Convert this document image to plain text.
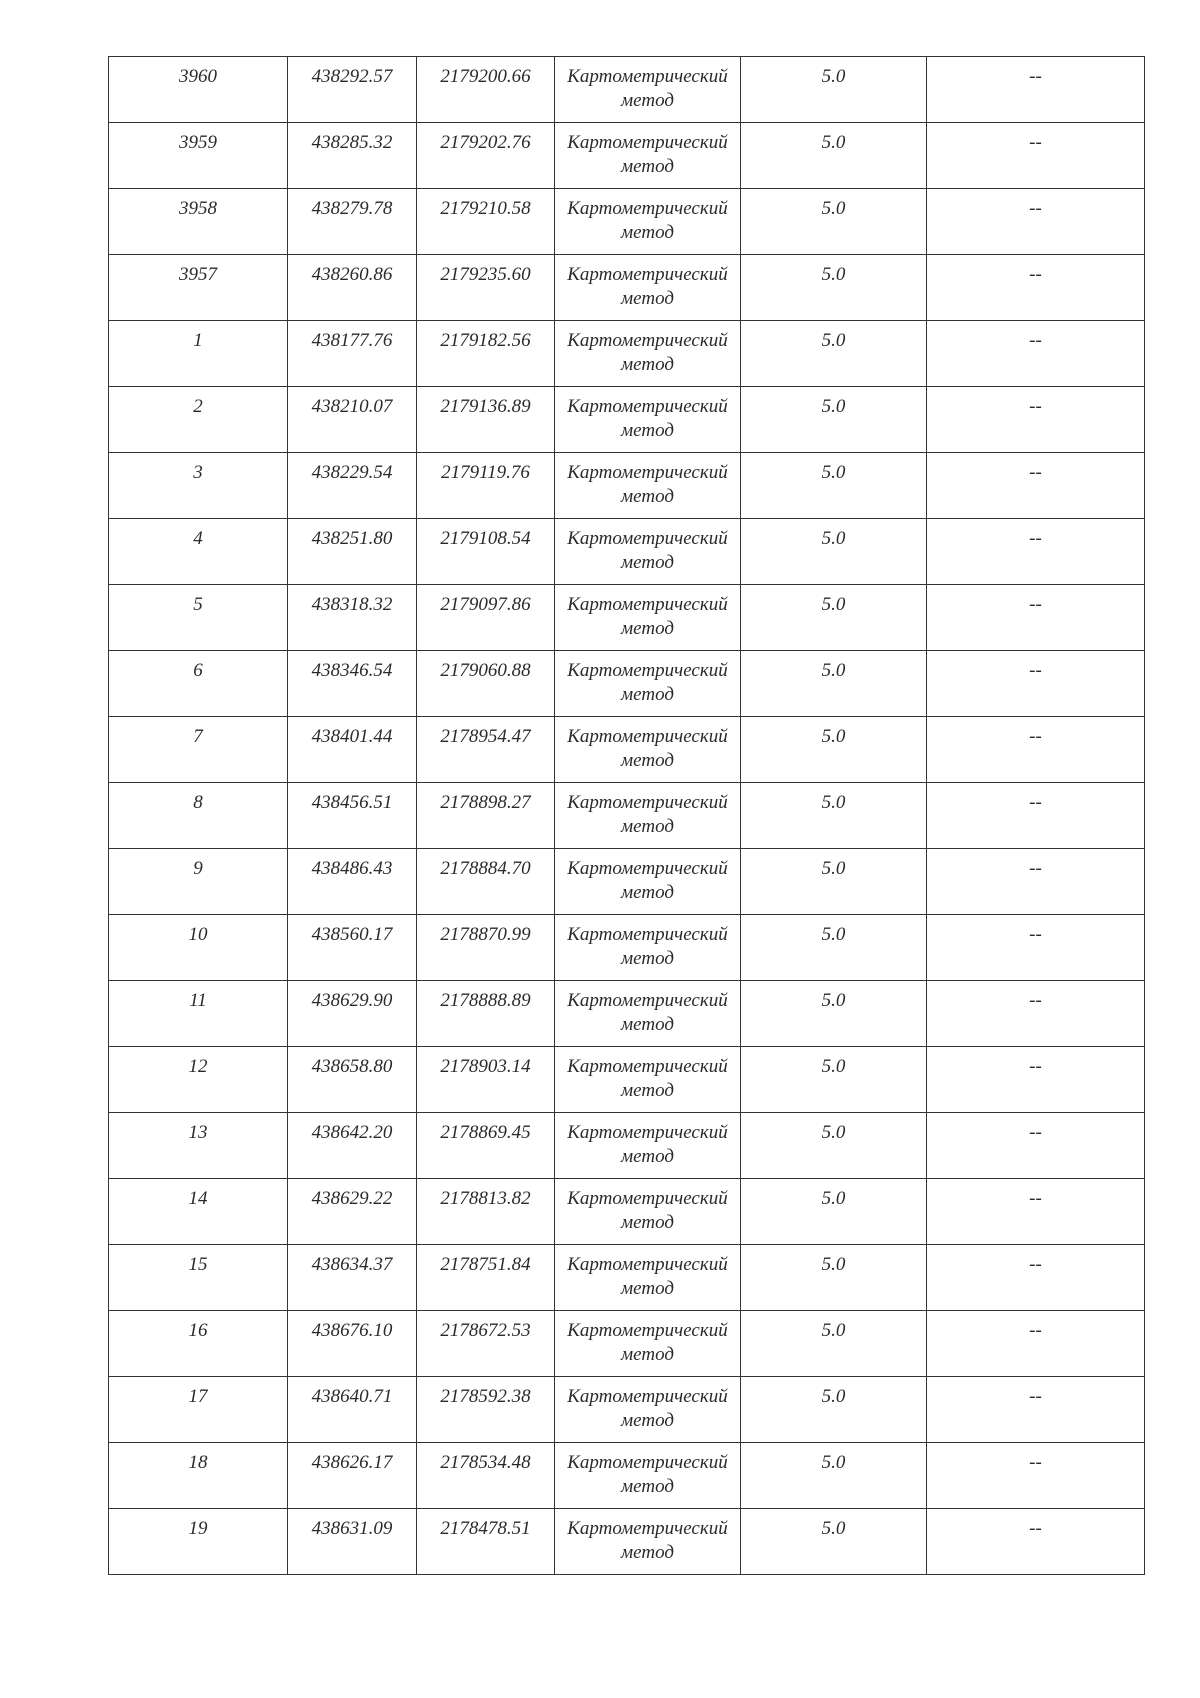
3960	438292.57	2179200.66	Картометрический метод	5.0	--
3959	438285.32	2179202.76	Картометрический метод	5.0	--
3958	438279.78	2179210.58	Картометрический метод	5.0	--
3957	438260.86	2179235.60	Картометрический метод	5.0	--
1	438177.76	2179182.56	Картометрический метод	5.0	--
2	438210.07	2179136.89	Картометрический метод	5.0	--
3	438229.54	2179119.76	Картометрический метод	5.0	--
4	438251.80	2179108.54	Картометрический метод	5.0	--
5	438318.32	2179097.86	Картометрический метод	5.0	--
6	438346.54	2179060.88	Картометрический метод	5.0	--
7	438401.44	2178954.47	Картометрический метод	5.0	--
8	438456.51	2178898.27	Картометрический метод	5.0	--
9	438486.43	2178884.70	Картометрический метод	5.0	--
10	438560.17	2178870.99	Картометрический метод	5.0	--
11	438629.90	2178888.89	Картометрический метод	5.0	--
12	438658.80	2178903.14	Картометрический метод	5.0	--
13	438642.20	2178869.45	Картометрический метод	5.0	--
14	438629.22	2178813.82	Картометрический метод	5.0	--
15	438634.37	2178751.84	Картометрический метод	5.0	--
16	438676.10	2178672.53	Картометрический метод	5.0	--
17	438640.71	2178592.38	Картометрический метод	5.0	--
18	438626.17	2178534.48	Картометрический метод	5.0	--
19	438631.09	2178478.51	Картометрический метод	5.0	--
